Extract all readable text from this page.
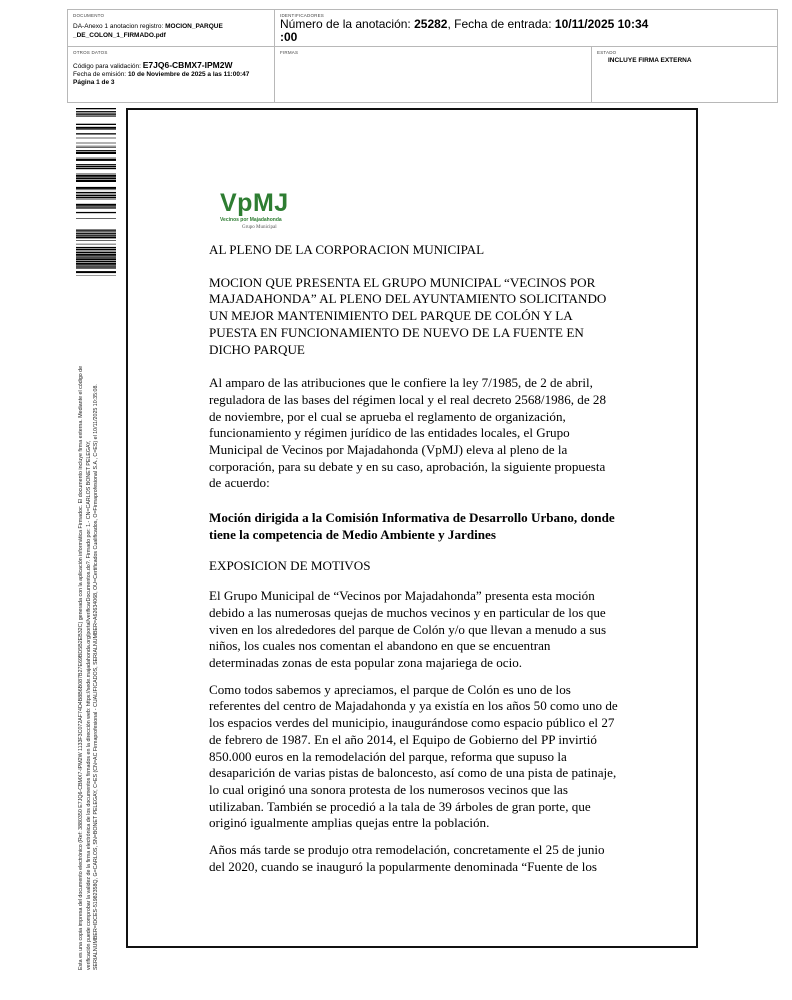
DOCUMENTO
DA-Anexo 1 anotacion registro: MOCION_PARQUE
_DE_COLON_1_FIRMADO.pdf
IDENTIFICADORES
Número de la anotación: 25282, Fecha de entrada: 10/11/2025 10:34
:00
OTROS DATOS
Código para validación: E7JQ6-CBMX7-IPM2W
Fecha de emisión: 10 de Noviembre de 2025 a las 11:00:47
Página 1 de 3
FIRMAS	ESTADO
INCLUYE FIRMA EXTERNA
Esta es una copia impresa del documento electrónico (Ref: 3880350 E7JQ6-CBMX7-IPM2W 1133F3C072AF74D4B8B6B087B27E69BD5B2EB32C) generada con la aplicación informática Firmadoc. El documento incluye firma externa. Mediante el código de verificación puede comprobar la validez de la firma electrónica de los documentos firmados en la dirección web: https://sede.majadahonda.org/portal/verificarDocumentos.do?. Firmado por: 1.- CN=CARLOS BONET PELEGAY, SERIALNUMBER=IDCES-51982358Q, G=CARLOS, SN=BONET PELEGAY, C=ES (CN=AC Firmaprofesional - CUALIFICADOS, SERIALNUMBER=A62634068, OU=Certificados Cualificados, O=Firmaprofesional S.A., C=ES) el 10/11/2025 10:35:08.
VpMJ
Vecinos por Majadahonda
Grupo Municipal

AL PLENO DE LA CORPORACION MUNICIPAL

MOCION QUE PRESENTA EL GRUPO MUNICIPAL “VECINOS POR MAJADAHONDA” AL PLENO DEL AYUNTAMIENTO SOLICITANDO UN MEJOR MANTENIMIENTO DEL PARQUE DE COLÓN Y LA PUESTA EN FUNCIONAMIENTO DE NUEVO DE LA FUENTE EN DICHO PARQUE

Al amparo de las atribuciones que le confiere la ley 7/1985, de 2 de abril, reguladora de las bases del régimen local y el real decreto 2568/1986, de 28 de noviembre, por el cual se aprueba el reglamento de organización, funcionamiento y régimen jurídico de las entidades locales, el Grupo Municipal de Vecinos por Majadahonda (VpMJ) eleva al pleno de la corporación, para su debate y en su caso, aprobación, la siguiente propuesta de acuerdo:

Moción dirigida a la Comisión Informativa de Desarrollo Urbano, donde tiene la competencia de Medio Ambiente y Jardines

EXPOSICION DE MOTIVOS

El Grupo Municipal de “Vecinos por Majadahonda” presenta esta moción debido a las numerosas quejas de muchos vecinos y en particular de los que viven en los alrededores del parque de Colón y/o que llevan a menudo a sus niños, los cuales nos comentan el abandono en que se encuentran determinadas zonas de esta popular zona majariega de ocio.

Como todos sabemos y apreciamos, el parque de Colón es uno de los referentes del centro de Majadahonda y ya existía en los años 50 como uno de los espacios verdes del municipio, inaugurándose como espacio público el 27 de febrero de 1987. En el año 2014, el Equipo de Gobierno del PP invirtió 850.000 euros en la remodelación del parque, reforma que supuso la desaparición de varias pistas de baloncesto, así como de una pista de patinaje, lo cual originó una sonora protesta de los numerosos vecinos que las utilizaban. También se procedió a la tala de 39 árboles de gran porte, que originó igualmente amplias quejas entre la población.

Años más tarde se produjo otra remodelación, concretamente el 25 de junio del 2020, cuando se inauguró la popularmente denominada “Fuente de los
